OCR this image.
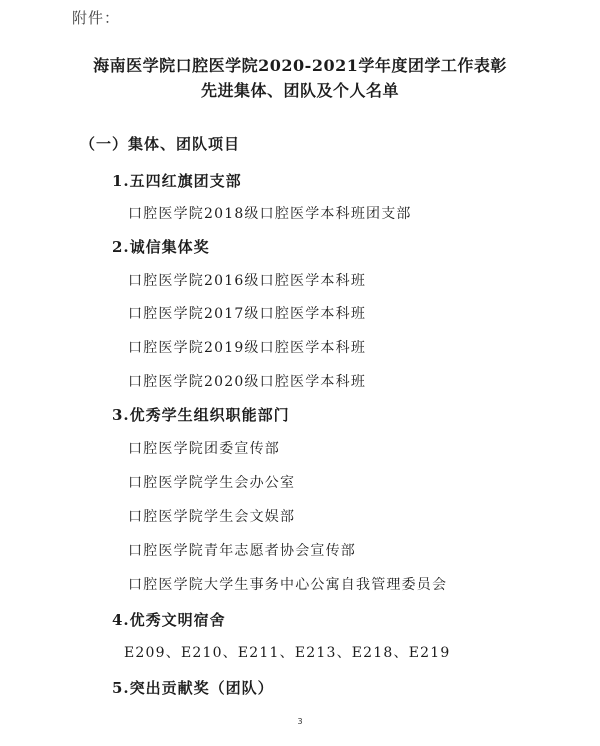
附件：
海南医学院口腔医学院2020-2021学年度团学工作表彰
先进集体、团队及个人名单
（一）集体、团队项目
1.五四红旗团支部
口腔医学院2018级口腔医学本科班团支部
2.诚信集体奖
口腔医学院2016级口腔医学本科班
口腔医学院2017级口腔医学本科班
口腔医学院2019级口腔医学本科班
口腔医学院2020级口腔医学本科班
3.优秀学生组织职能部门
口腔医学院团委宣传部
口腔医学院学生会办公室
口腔医学院学生会文娱部
口腔医学院青年志愿者协会宣传部
口腔医学院大学生事务中心公寓自我管理委员会
4.优秀文明宿舍
E209、E210、E211、E213、E218、E219
5.突出贡献奖（团队）
3
